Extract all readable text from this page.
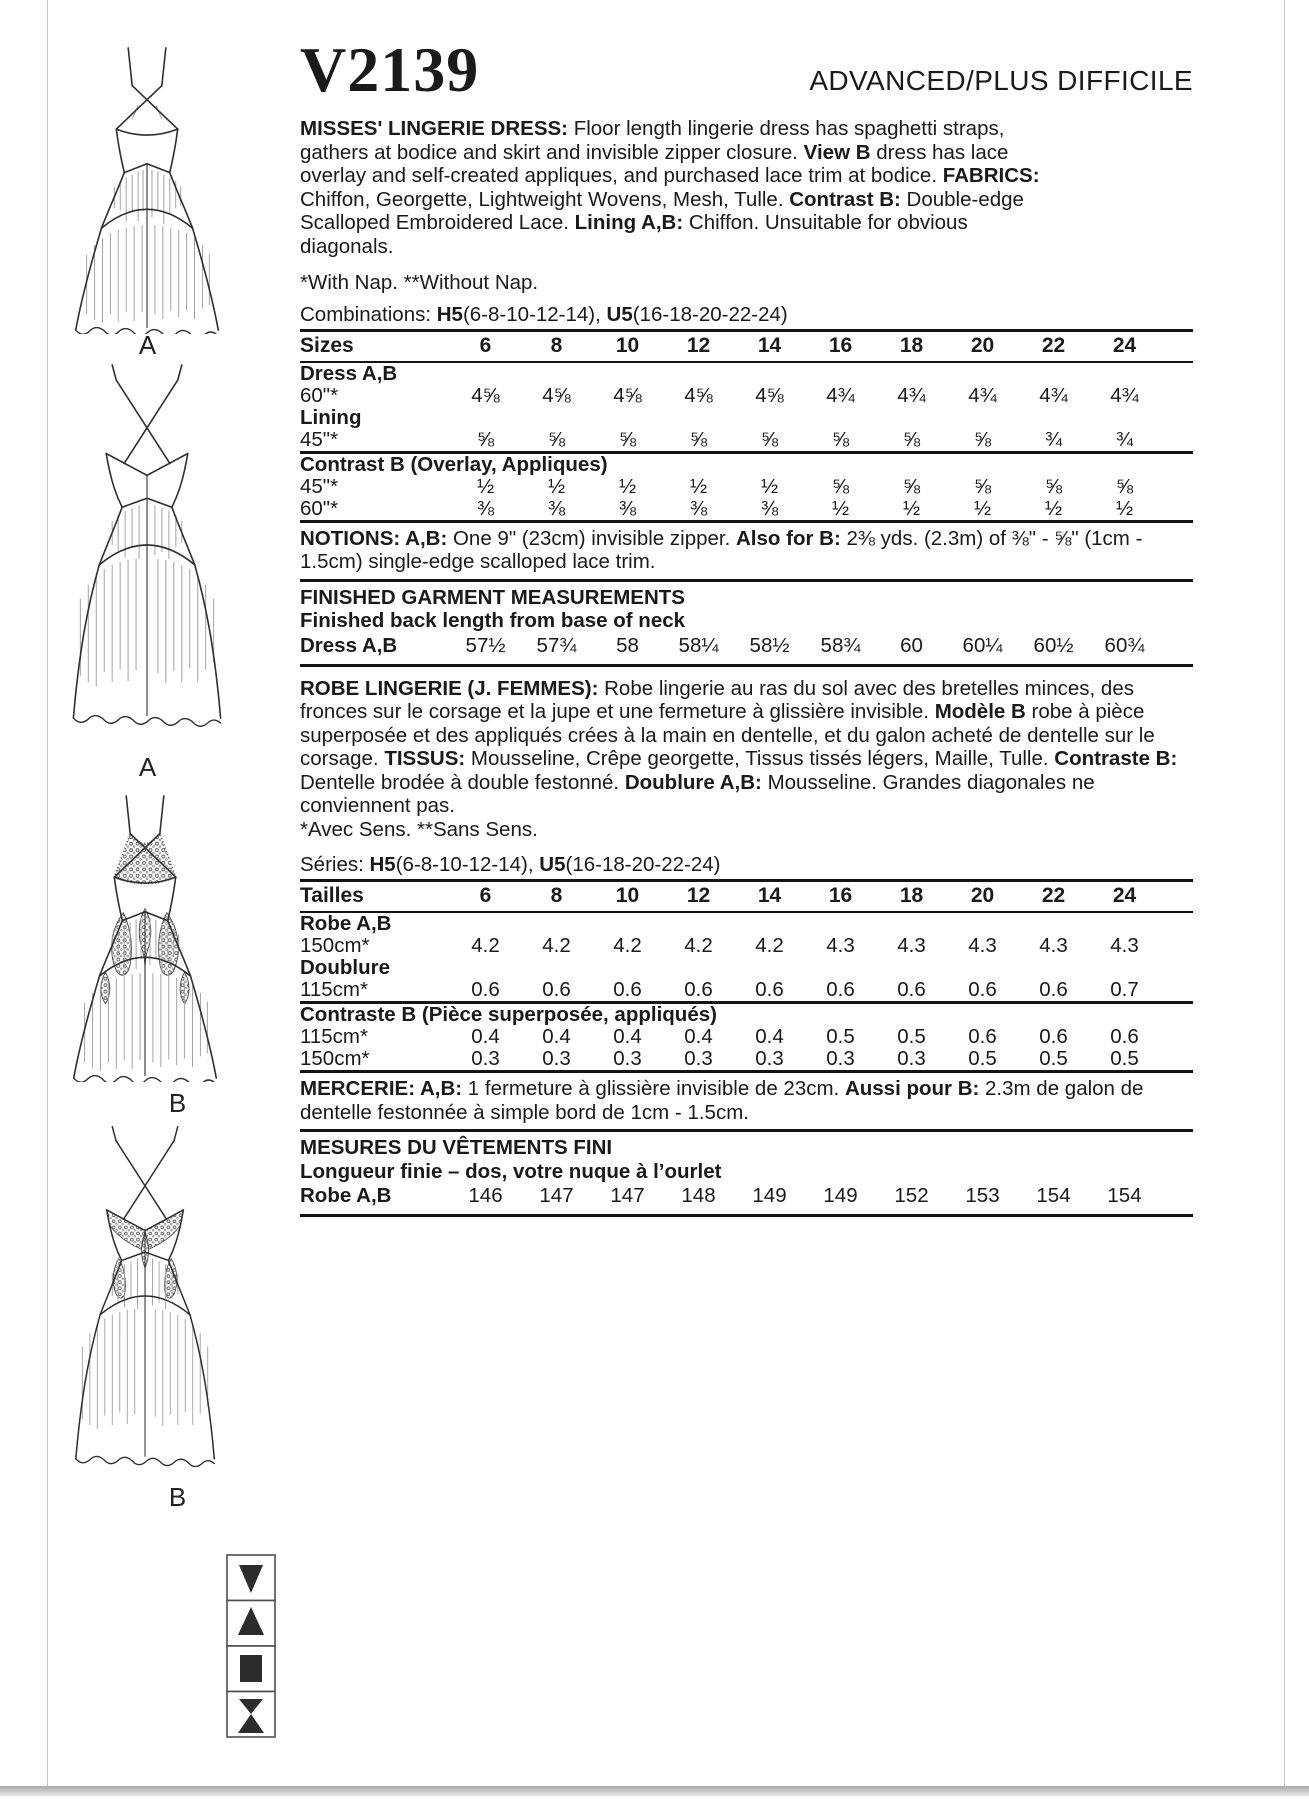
A
A
B
B
V2139	ADVANCED/PLUS DIFFICILE
MISSES' LINGERIE DRESS: Floor length lingerie dress has spaghetti straps, gathers at bodice and skirt and invisible zipper closure. View B dress has lace overlay and self-created appliques, and purchased lace trim at bodice. FABRICS: Chiffon, Georgette, Lightweight Wovens, Mesh, Tulle. Contrast B: Double-edge Scalloped Embroidered Lace. Lining A,B: Chiffon. Unsuitable for obvious diagonals.
*With Nap. **Without Nap.
Combinations: H5(6-8-10-12-14), U5(16-18-20-22-24)
Sizes	6	8	10	12	14	16	18	20	22	24	
Dress A,B											
60"*	4⅝	4⅝	4⅝	4⅝	4⅝	4¾	4¾	4¾	4¾	4¾	
Lining											
45"*	⅝	⅝	⅝	⅝	⅝	⅝	⅝	⅝	¾	¾	
Contrast B (Overlay, Appliques)											
45"*	½	½	½	½	½	⅝	⅝	⅝	⅝	⅝	
60"*	⅜	⅜	⅜	⅜	⅜	½	½	½	½	½	
NOTIONS: A,B: One 9" (23cm) invisible zipper. Also for B: 2⅜ yds. (2.3m) of ⅜" - ⅝" (1cm - 1.5cm) single-edge scalloped lace trim.
FINISHED GARMENT MEASUREMENTS
Finished back length from base of neck
Dress A,B	57½	57¾	58	58¼	58½	58¾	60	60¼	60½	60¾	
ROBE LINGERIE (J. FEMMES): Robe lingerie au ras du sol avec des bretelles minces, des fronces sur le corsage et la jupe et une fermeture à glissière invisible. Modèle B robe à pièce superposée et des appliqués crées à la main en dentelle, et du galon acheté de dentelle sur le corsage. TISSUS: Mousseline, Crêpe georgette, Tissus tissés légers, Maille, Tulle. Contraste B: Dentelle brodée à double festonné. Doublure A,B: Mousseline. Grandes diagonales ne conviennent pas.
*Avec Sens. **Sans Sens.
Séries: H5(6-8-10-12-14), U5(16-18-20-22-24)
Tailles	6	8	10	12	14	16	18	20	22	24	
Robe A,B											
150cm*	4.2	4.2	4.2	4.2	4.2	4.3	4.3	4.3	4.3	4.3	
Doublure											
115cm*	0.6	0.6	0.6	0.6	0.6	0.6	0.6	0.6	0.6	0.7	
Contraste B (Pièce superposée, appliqués)											
115cm*	0.4	0.4	0.4	0.4	0.4	0.5	0.5	0.6	0.6	0.6	
150cm*	0.3	0.3	0.3	0.3	0.3	0.3	0.3	0.5	0.5	0.5	
MERCERIE: A,B: 1 fermeture à glissière invisible de 23cm. Aussi pour B: 2.3m de galon de dentelle festonnée à simple bord de 1cm - 1.5cm.
MESURES DU VÊTEMENTS FINI
Longueur finie – dos, votre nuque à l’ourlet
Robe A,B	146	147	147	148	149	149	152	153	154	154	
